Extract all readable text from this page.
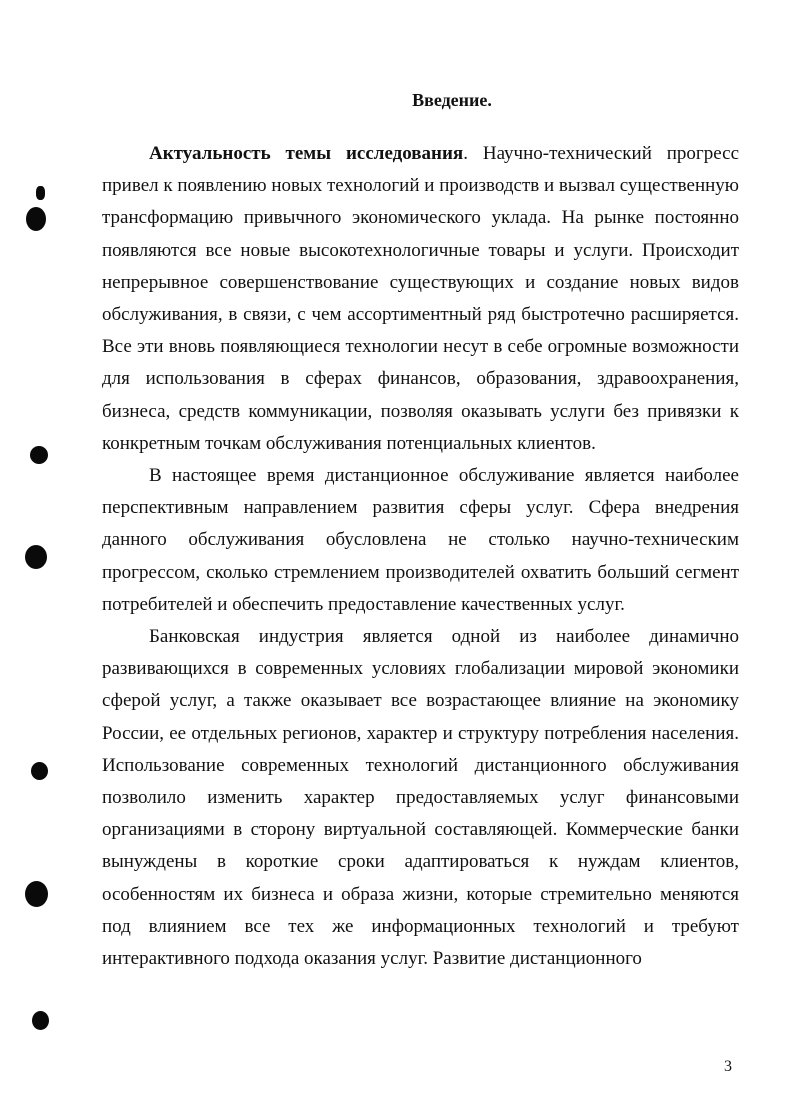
Введение.

Актуальность темы исследования. Научно-технический прогресс привел к появлению новых технологий и производств и вызвал существенную трансформацию привычного экономического уклада. На рынке постоянно появляются все новые высокотехнологичные товары и услуги. Происходит непрерывное совершенствование существующих и создание новых видов обслуживания, в связи, с чем ассортиментный ряд быстротечно расширяется. Все эти вновь появляющиеся технологии несут в себе огромные возможности для использования в сферах финансов, образования, здравоохранения, бизнеса, средств коммуникации, позволяя оказывать услуги без привязки к конкретным точкам обслуживания потенциальных клиентов.

В настоящее время дистанционное обслуживание является наиболее перспективным направлением развития сферы услуг. Сфера внедрения данного обслуживания обусловлена не столько научно-техническим прогрессом, сколько стремлением производителей охватить больший сегмент потребителей и обеспечить предоставление качественных услуг.

Банковская индустрия является одной из наиболее динамично развивающихся в современных условиях глобализации мировой экономики сферой услуг, а также оказывает все возрастающее влияние на экономику России, ее отдельных регионов, характер и структуру потребления населения. Использование современных технологий дистанционного обслуживания позволило изменить характер предоставляемых услуг финансовыми организациями в сторону виртуальной составляющей. Коммерческие банки вынуждены в короткие сроки адаптироваться к нуждам клиентов, особенностям их бизнеса и образа жизни, которые стремительно меняются под влиянием все тех же информационных технологий и требуют интерактивного подхода оказания услуг. Развитие дистанционного

3
